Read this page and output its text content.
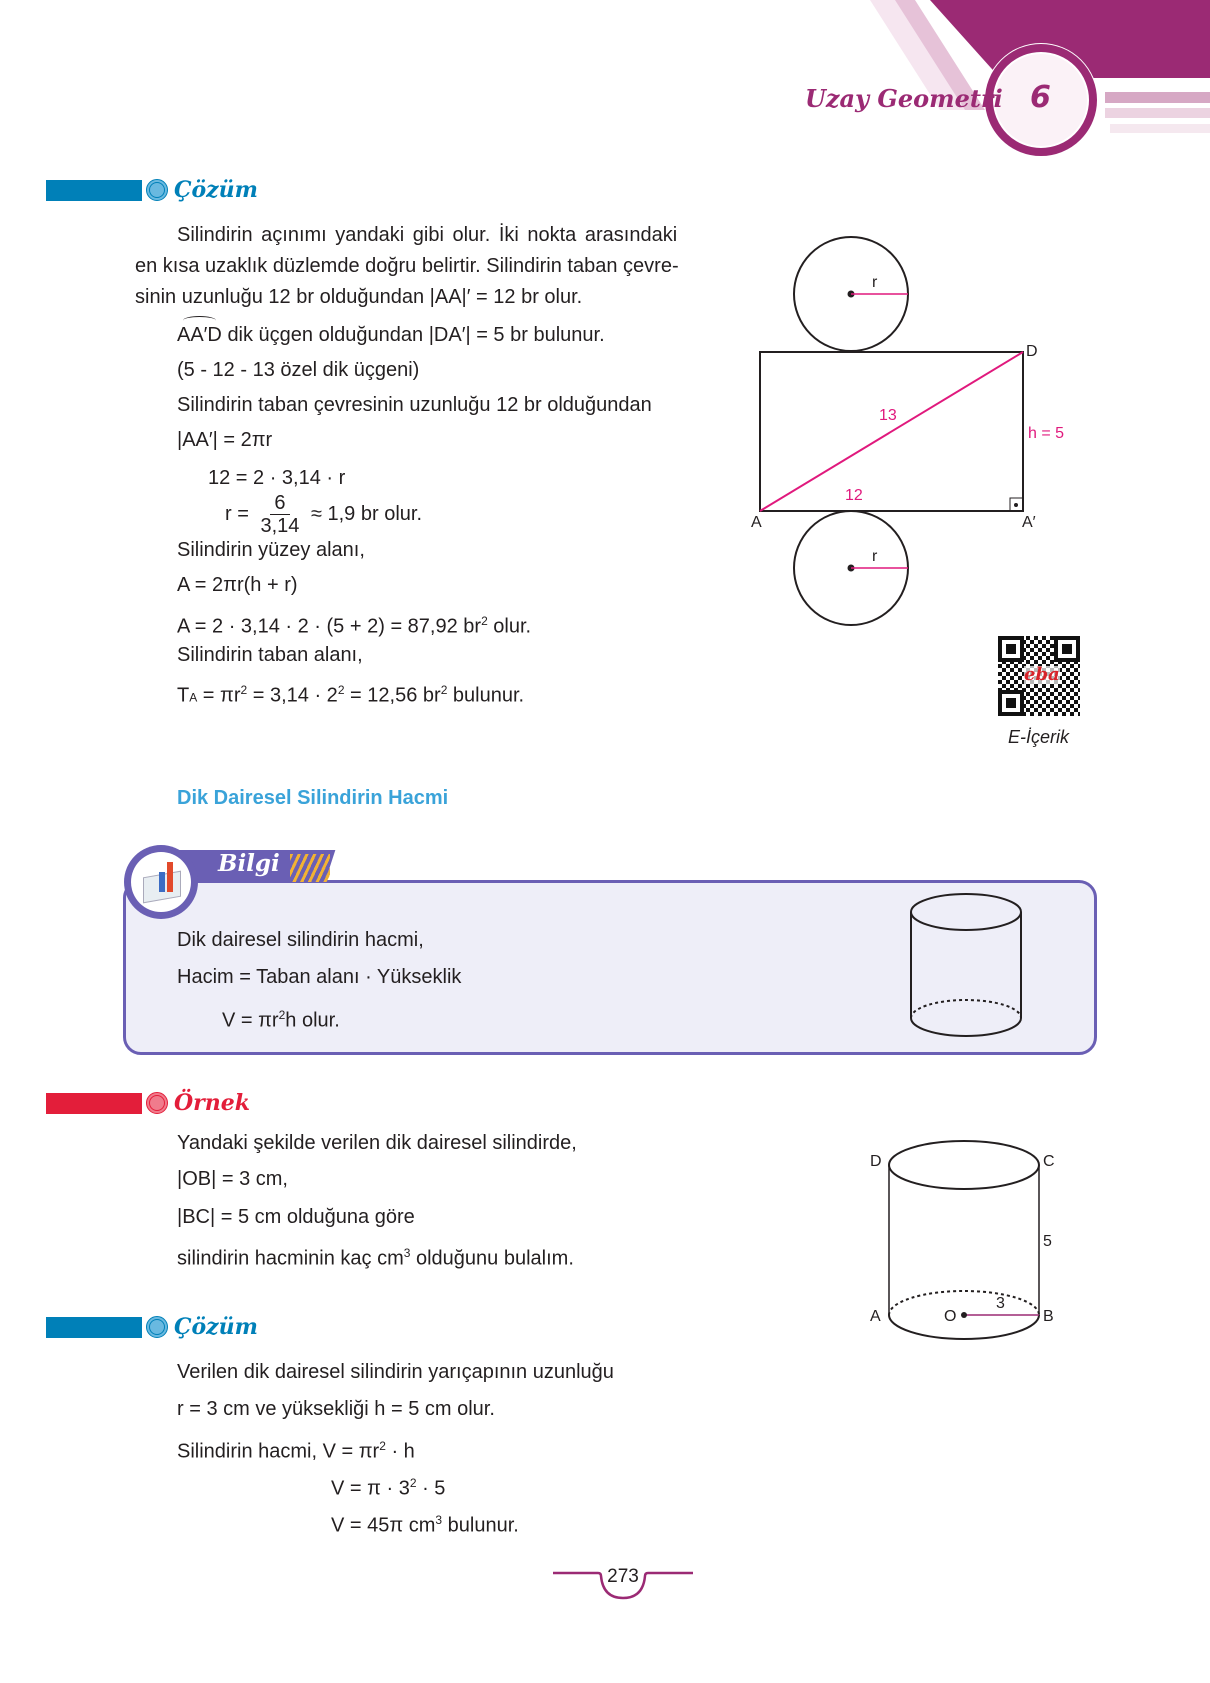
Uzay Geometri 6
Çözüm
Silindirin açınımı yandaki gibi olur. İki nokta arasındaki
en kısa uzaklık düzlemde doğru belirtir. Silindirin taban çevre-
sinin uzunluğu 12 br olduğundan |AA|′ = 12 br olur.
AA′D dik üçgen olduğundan |DA′| = 5 br bulunur.
(5 - 12 - 13 özel dik üçgeni)
Silindirin taban çevresinin uzunluğu 12 br olduğundan
|AA′| = 2πr
12 = 2 · 3,14 · r
$r = \frac{6}{3,14} \approx 1,9$ br olur.
Silindirin yüzey alanı,
A = 2πr(h + r)
A = 2 · 3,14 · 2 · (5 + 2) = 87,92 $br^2$ olur.
Silindirin taban alanı,
TA = $\pi r^2 = 3,14 \cdot 2^2 = 12,56$ $br^2$ bulunur.
r
D
A	A′
13
12
h = 5
r
eba
E-İçerik
Dik Dairesel Silindirin Hacmi
Bilgi
Dik dairesel silindirin hacmi,
Hacim = Taban alanı · Yükseklik
$V = \pi r^2h$ olur.
Örnek
Yandaki şekilde verilen dik dairesel silindirde,
|OB| = 3 cm,
|BC| = 5 cm olduğuna göre
silindirin hacminin kaç $cm^3$ olduğunu bulalım.
D	C
A	B
O
3
5
Çözüm
Verilen dik dairesel silindirin yarıçapının uzunluğu
r = 3 cm ve yüksekliği h = 5 cm olur.
Silindirin hacmi, $V = \pi r^2 \cdot h$
$V = \pi \cdot 3^2 \cdot 5$
V = 45π $cm^3$ bulunur.
273
